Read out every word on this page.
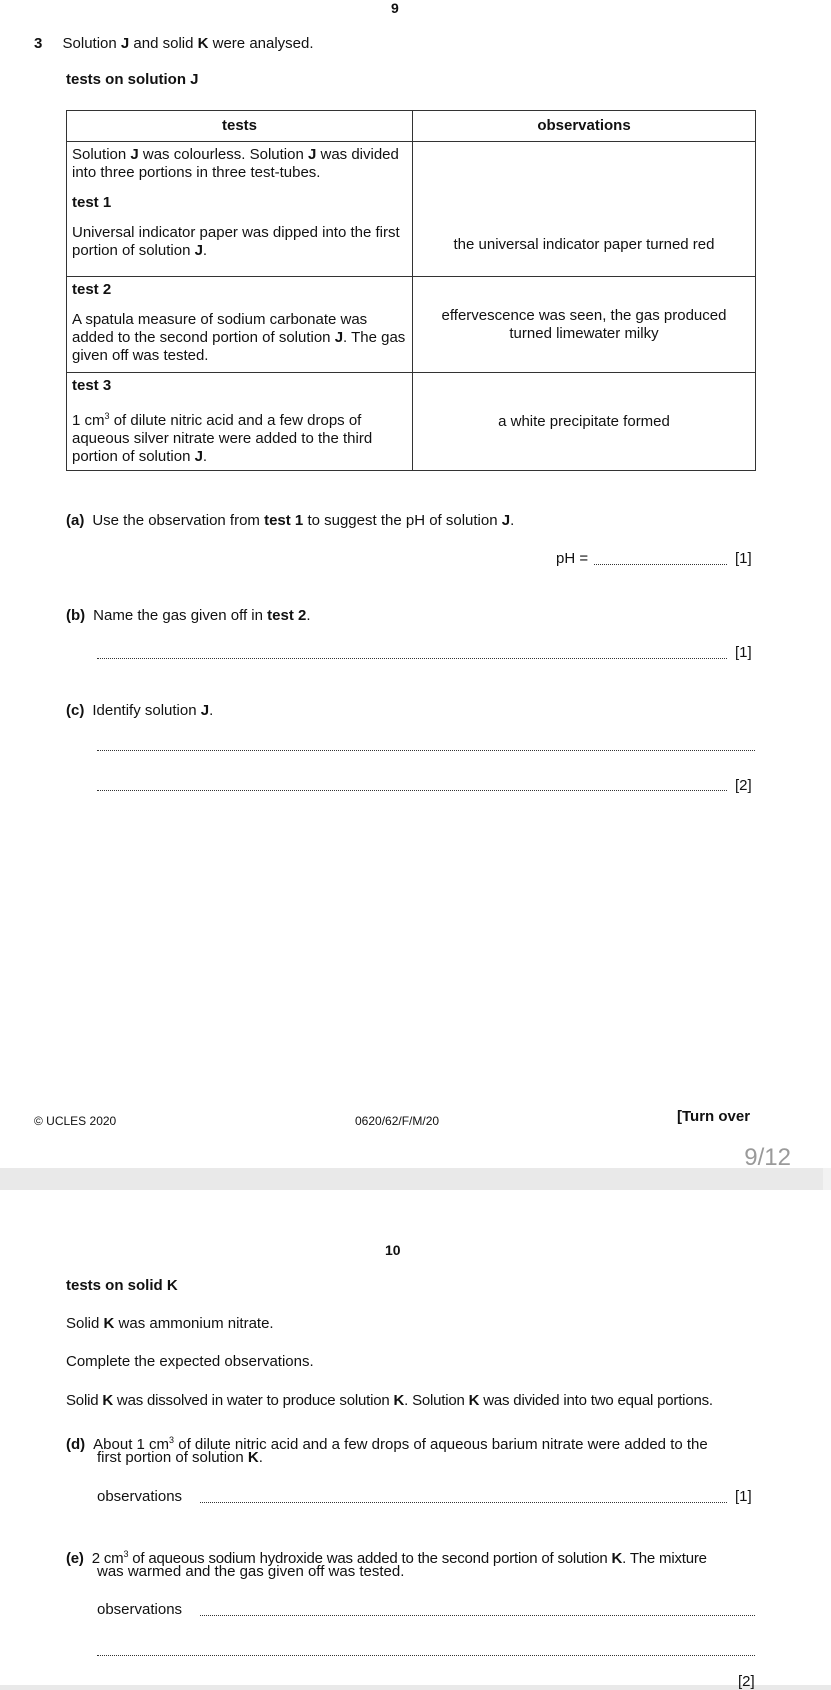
9
3 Solution J and solid K were analysed.
tests on solution J
tests	observations

Solution J was colourless. Solution J was divided into three portions in three test-tubes.
test 1
Universal indicator paper was dipped into the first portion of solution J.	the universal indicator paper turned red

test 2
A spatula measure of sodium carbonate was added to the second portion of solution J. The gas given off was tested.	effervescence was seen, the gas produced turned limewater milky

test 3
1 $cm^3$ of dilute nitric acid and a few drops of aqueous silver nitrate were added to the third portion of solution J.	a white precipitate formed
(a) Use the observation from test 1 to suggest the pH of solution J.
pH =	[1]
(b) Name the gas given off in test 2.
[1]
(c) Identify solution J.
[2]
© UCLES 2020	0620/62/F/M/20	[Turn over
9/12
10
tests on solid K
Solid K was ammonium nitrate.
Complete the expected observations.
Solid K was dissolved in water to produce solution K. Solution K was divided into two equal portions.
(d) About 1 $cm^3$ of dilute nitric acid and a few drops of aqueous barium nitrate were added to the
first portion of solution K.
observations	[1]
(e) 2 $cm^3$ of aqueous sodium hydroxide was added to the second portion of solution K. The mixture
was warmed and the gas given off was tested.
observations
[2]
